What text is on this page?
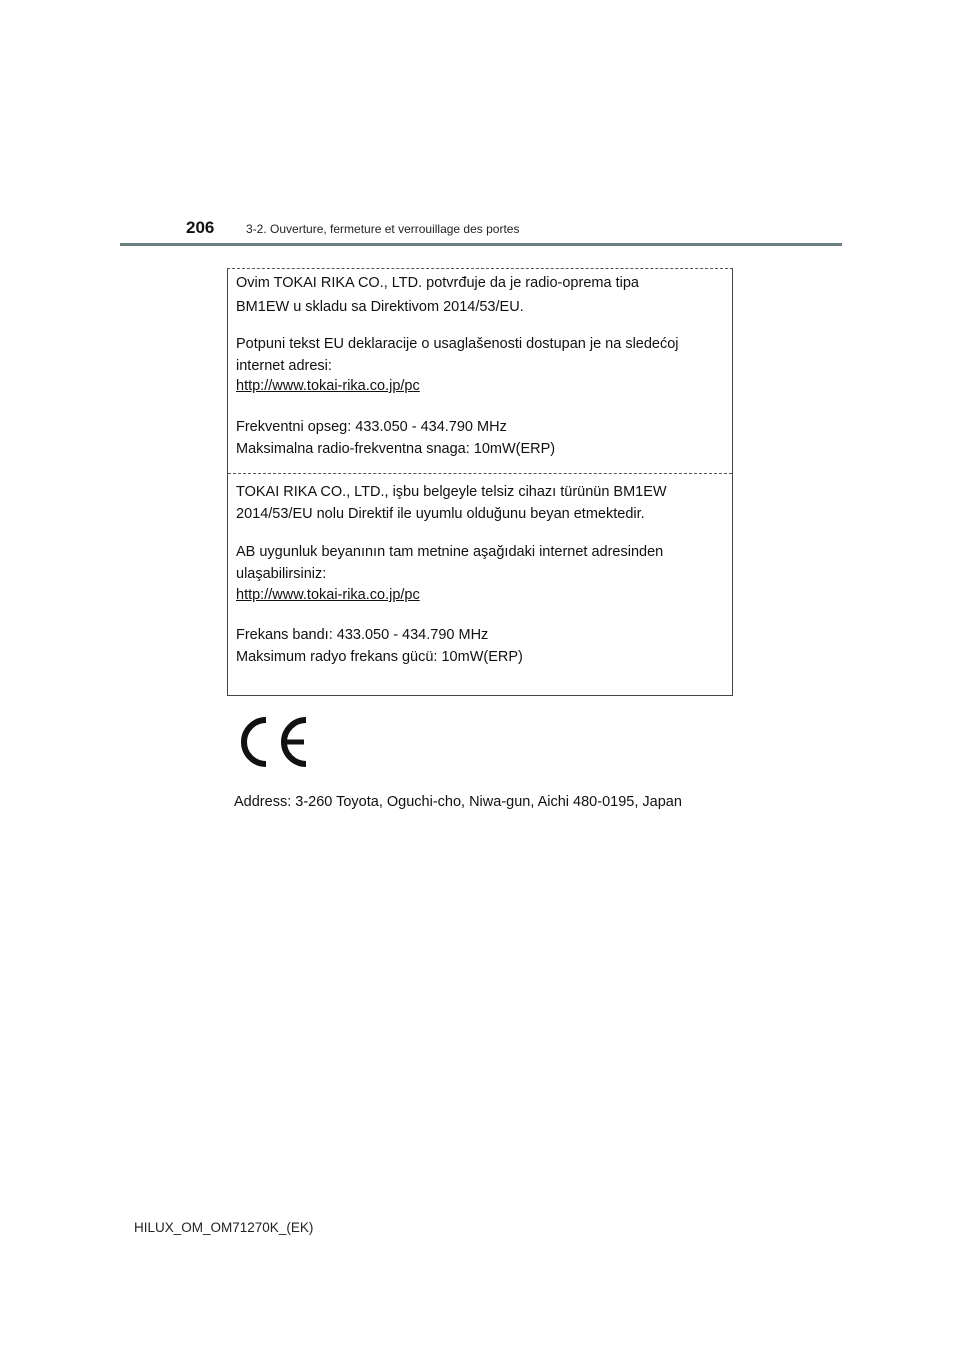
206	3-2. Ouverture, fermeture et verrouillage des portes
Ovim TOKAI RIKA CO., LTD. potvrđuje da je radio-oprema tipa
BM1EW u skladu sa Direktivom 2014/53/EU.
Potpuni tekst EU deklaracije o usaglašenosti dostupan je na sledećoj
internet adresi:
http://www.tokai-rika.co.jp/pc
Frekventni opseg: 433.050 - 434.790 MHz
Maksimalna radio-frekventna snaga: 10mW(ERP)
TOKAI RIKA CO., LTD., işbu belgeyle telsiz cihazı türünün BM1EW
2014/53/EU nolu Direktif ile uyumlu olduğunu beyan etmektedir.
AB uygunluk beyanının tam metnine aşağıdaki internet adresinden
ulaşabilirsiniz:
http://www.tokai-rika.co.jp/pc
Frekans bandı: 433.050 - 434.790 MHz
Maksimum radyo frekans gücü: 10mW(ERP)
Address: 3-260 Toyota, Oguchi-cho, Niwa-gun, Aichi 480-0195, Japan
HILUX_OM_OM71270K_(EK)
